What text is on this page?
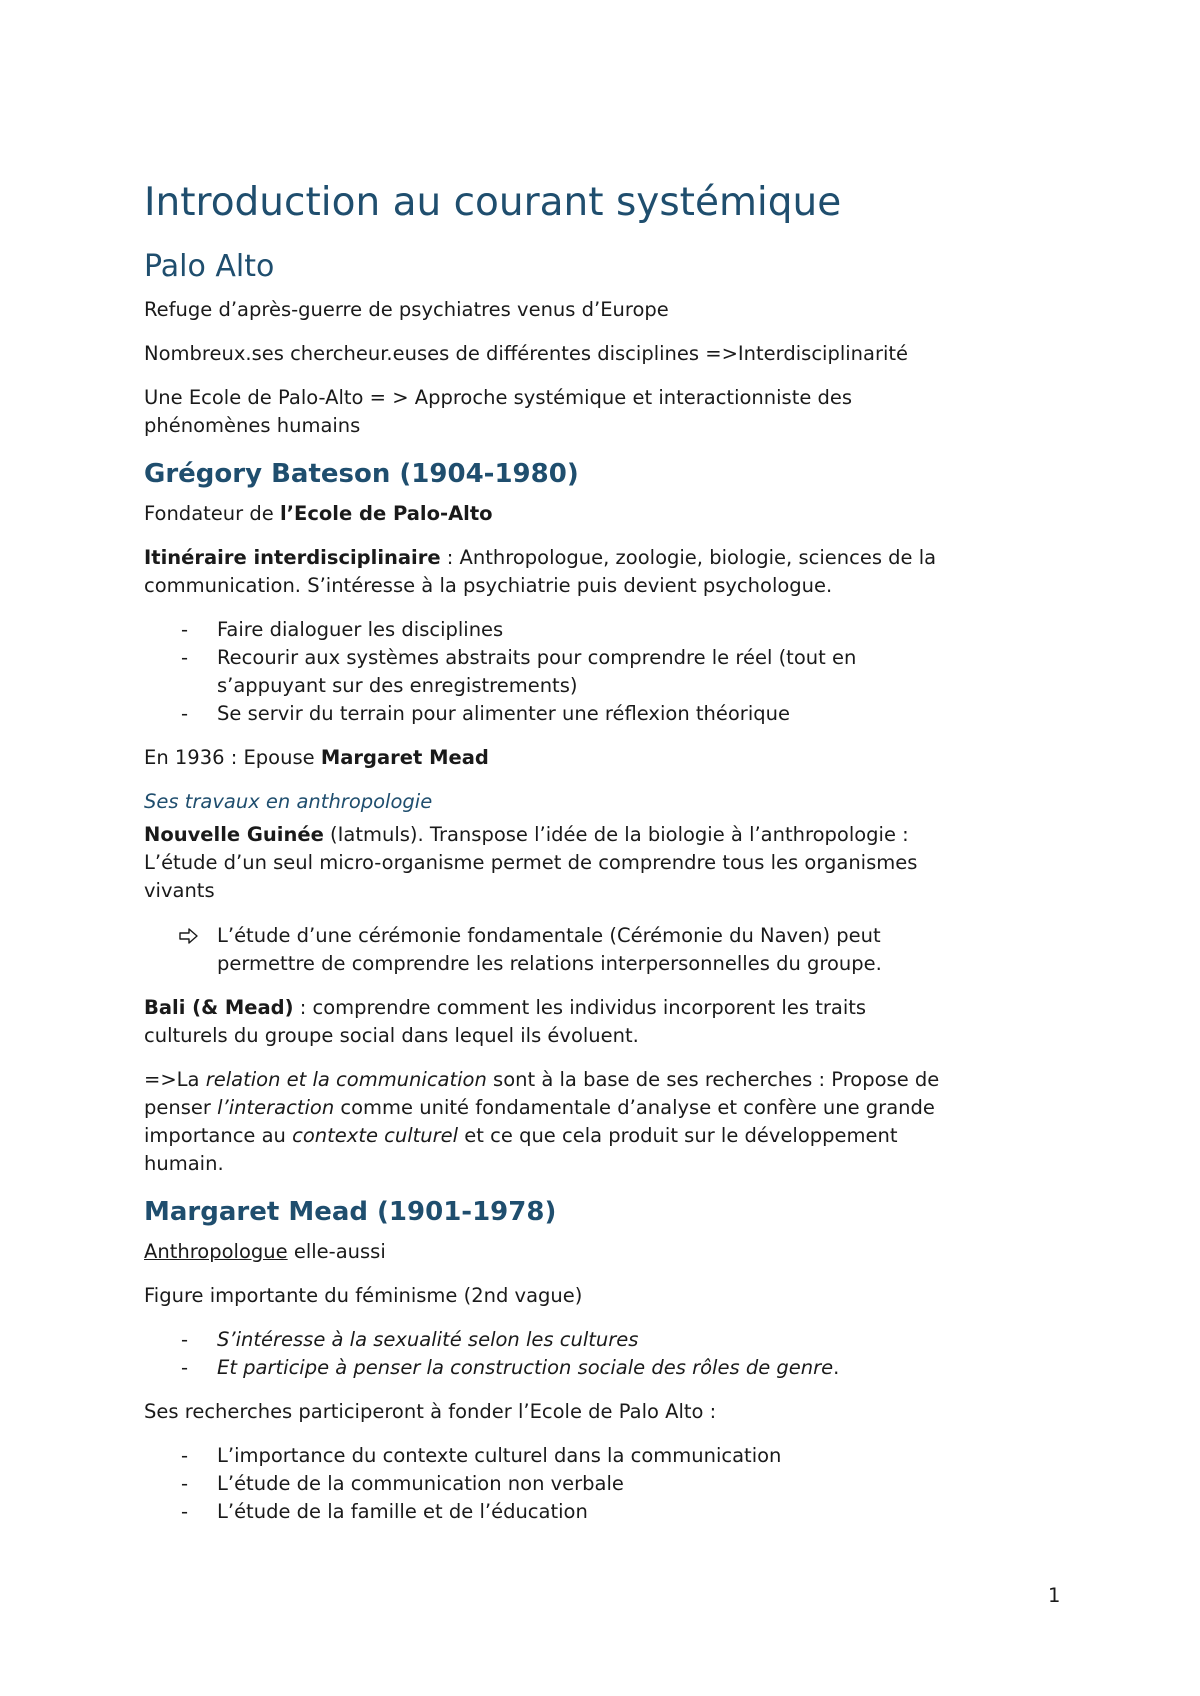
Introduction au courant systémique
Palo Alto
Refuge d’après-guerre de psychiatres venus d’Europe
Nombreux.ses chercheur.euses de différentes disciplines =>Interdisciplinarité
Une Ecole de Palo-Alto = > Approche systémique et interactionniste des
phénomènes humains
Grégory Bateson (1904-1980)
Fondateur de l’Ecole de Palo-Alto
Itinéraire interdisciplinaire : Anthropologue, zoologie, biologie, sciences de la
communication. S’intéresse à la psychiatrie puis devient psychologue.
- Faire dialoguer les disciplines
- Recourir aux systèmes abstraits pour comprendre le réel (tout en
s’appuyant sur des enregistrements)
- Se servir du terrain pour alimenter une réflexion théorique
En 1936 : Epouse Margaret Mead
Ses travaux en anthropologie
Nouvelle Guinée (Iatmuls). Transpose l’idée de la biologie à l’anthropologie :
L’étude d’un seul micro-organisme permet de comprendre tous les organismes
vivants
L’étude d’une cérémonie fondamentale (Cérémonie du Naven) peut
permettre de comprendre les relations interpersonnelles du groupe.
Bali (& Mead) : comprendre comment les individus incorporent les traits
culturels du groupe social dans lequel ils évoluent.
=>La relation et la communication sont à la base de ses recherches : Propose de
penser l’interaction comme unité fondamentale d’analyse et confère une grande
importance au contexte culturel et ce que cela produit sur le développement
humain.
Margaret Mead (1901-1978)
Anthropologue elle-aussi
Figure importante du féminisme (2nd vague)
- S’intéresse à la sexualité selon les cultures
- Et participe à penser la construction sociale des rôles de genre.
Ses recherches participeront à fonder l’Ecole de Palo Alto :
- L’importance du contexte culturel dans la communication
- L’étude de la communication non verbale
- L’étude de la famille et de l’éducation
1
